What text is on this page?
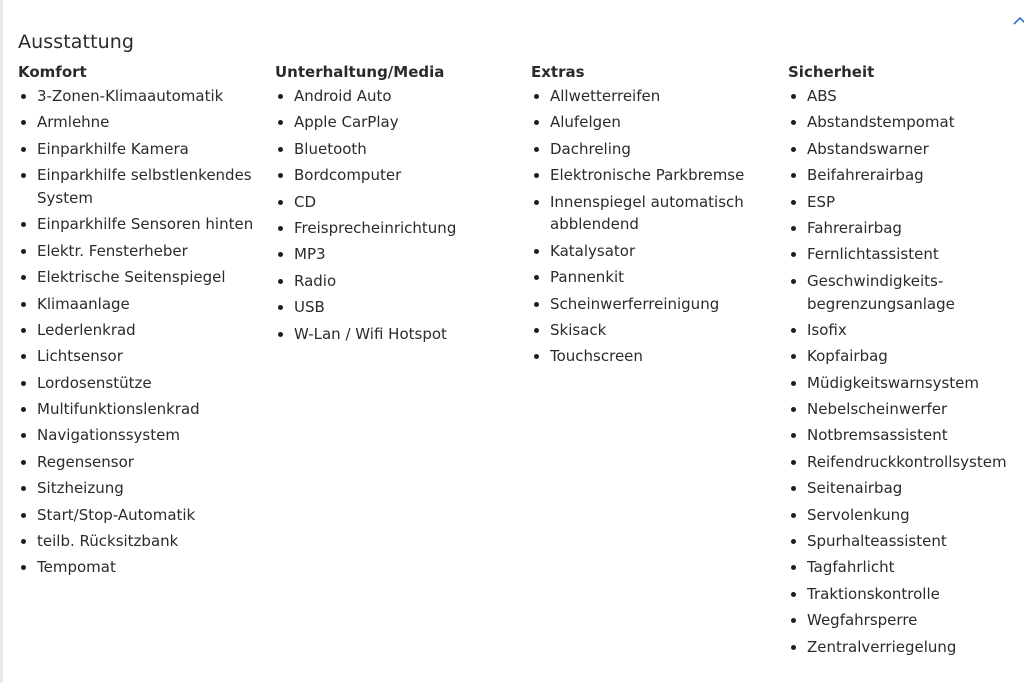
Ausstattung
Komfort
3-Zonen-Klimaautomatik
Armlehne
Einparkhilfe Kamera
Einparkhilfe selbstlenkendes System
Einparkhilfe Sensoren hinten
Elektr. Fensterheber
Elektrische Seitenspiegel
Klimaanlage
Lederlenkrad
Lichtsensor
Lordosenstütze
Multifunktionslenkrad
Navigationssystem
Regensensor
Sitzheizung
Start/Stop-Automatik
teilb. Rücksitzbank
Tempomat
Unterhaltung/Media
Android Auto
Apple CarPlay
Bluetooth
Bordcomputer
CD
Freisprecheinrichtung
MP3
Radio
USB
W-Lan / Wifi Hotspot
Extras
Allwetterreifen
Alufelgen
Dachreling
Elektronische Parkbremse
Innenspiegel automatisch abblendend
Katalysator
Pannenkit
Scheinwerferreinigung
Skisack
Touchscreen
Sicherheit
ABS
Abstandstempomat
Abstandswarner
Beifahrerairbag
ESP
Fahrerairbag
Fernlichtassistent
Geschwindigkeits-begrenzungsanlage
Isofix
Kopfairbag
Müdigkeitswarnsystem
Nebelscheinwerfer
Notbremsassistent
Reifendruckkontrollsystem
Seitenairbag
Servolenkung
Spurhalteassistent
Tagfahrlicht
Traktionskontrolle
Wegfahrsperre
Zentralverriegelung
